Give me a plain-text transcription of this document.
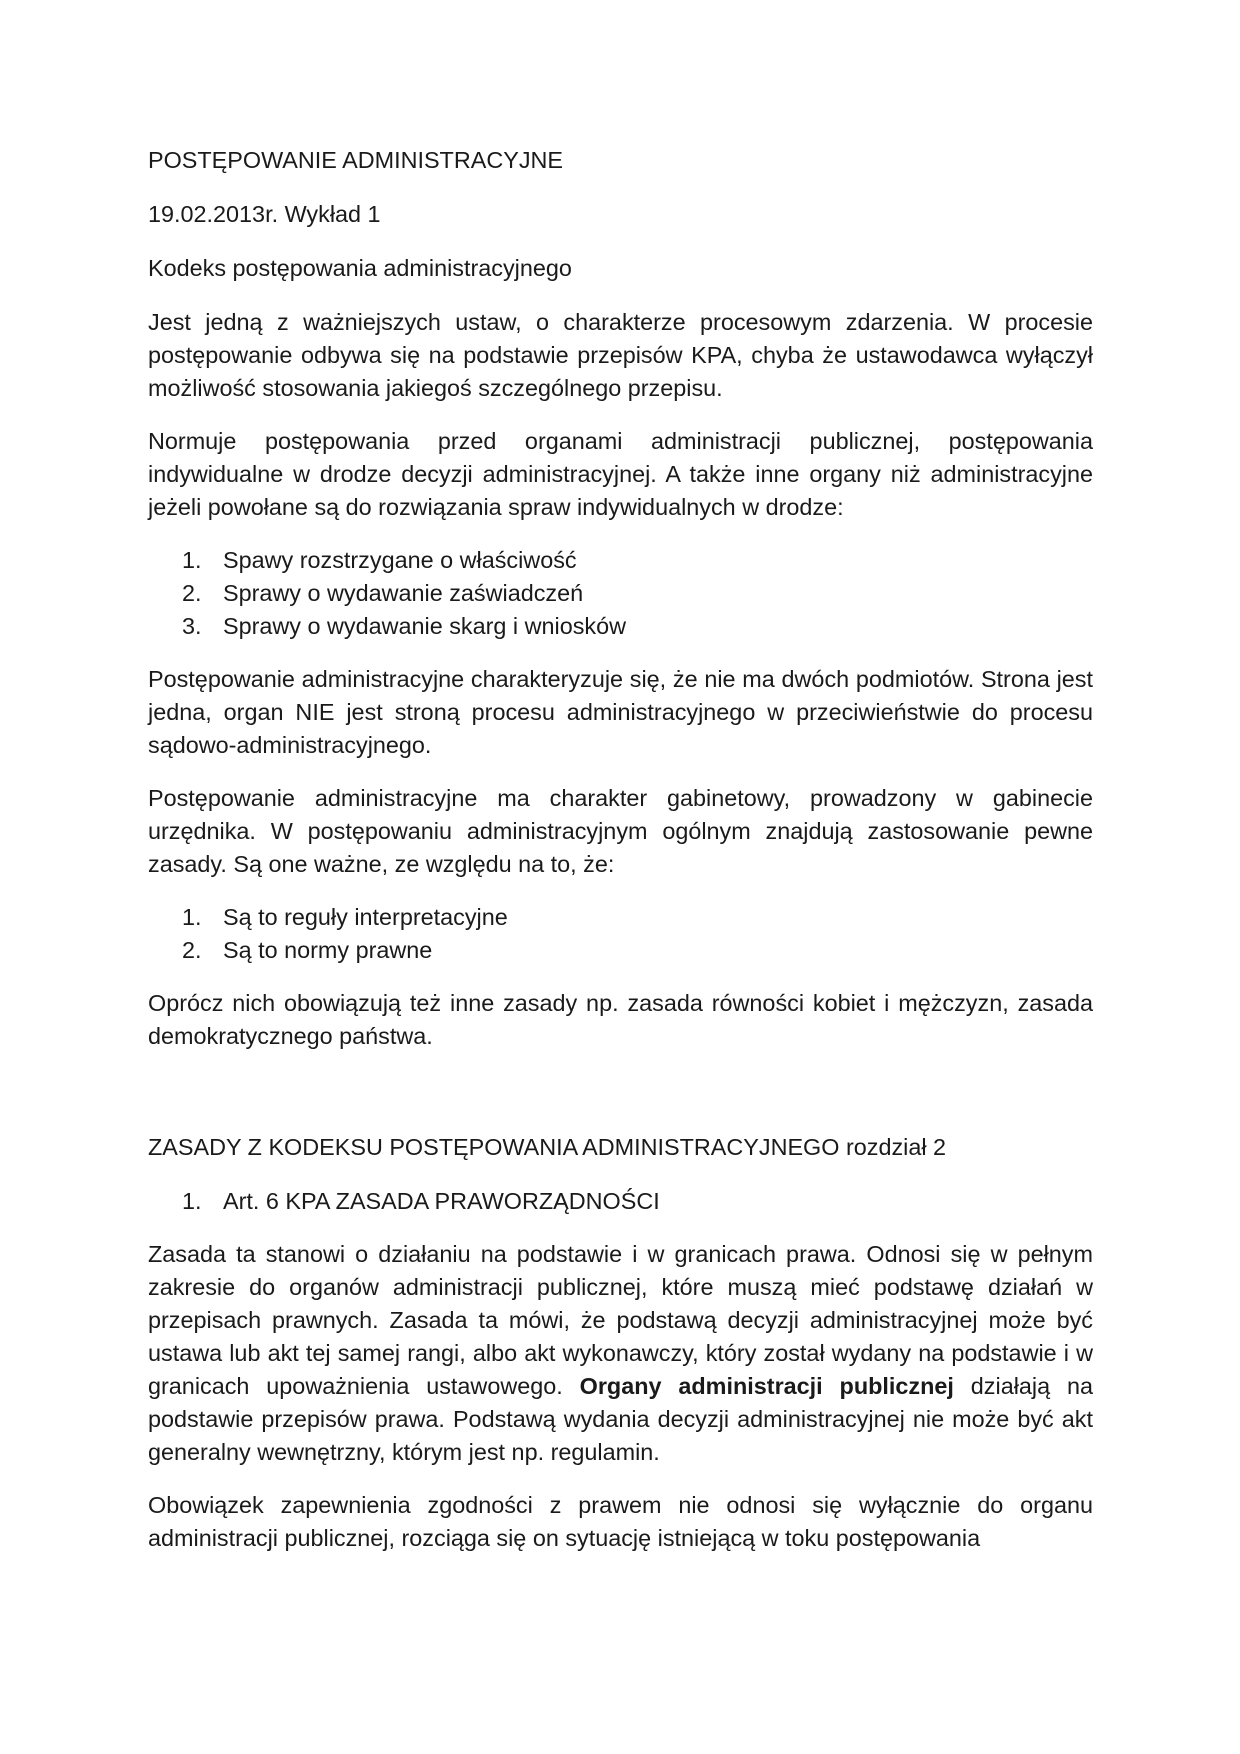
POSTĘPOWANIE ADMINISTRACYJNE
19.02.2013r. Wykład 1
Kodeks postępowania administracyjnego

Jest jedną z ważniejszych ustaw, o charakterze procesowym zdarzenia. W procesie postępowanie odbywa się na podstawie przepisów KPA, chyba że ustawodawca wyłączył możliwość stosowania jakiegoś szczególnego przepisu.

Normuje postępowania przed organami administracji publicznej, postępowania indywidualne w drodze decyzji administracyjnej. A także inne organy niż administracyjne jeżeli powołane są do rozwiązania spraw indywidualnych w drodze:

1. Spawy rozstrzygane o właściwość
2. Sprawy o wydawanie zaświadczeń
3. Sprawy o wydawanie skarg i wniosków

Postępowanie administracyjne charakteryzuje się, że nie ma dwóch podmiotów. Strona jest jedna, organ NIE jest stroną procesu administracyjnego w przeciwieństwie do procesu sądowo-administracyjnego.

Postępowanie administracyjne ma charakter gabinetowy, prowadzony w gabinecie urzędnika. W postępowaniu administracyjnym ogólnym znajdują zastosowanie pewne zasady. Są one ważne, ze względu na to, że:

1. Są to reguły interpretacyjne
2. Są to normy prawne

Oprócz nich obowiązują też inne zasady np. zasada równości kobiet i mężczyzn, zasada demokratycznego państwa.

ZASADY Z KODEKSU POSTĘPOWANIA ADMINISTRACYJNEGO rozdział 2
1. Art. 6 KPA ZASADA PRAWORZĄDNOŚCI

Zasada ta stanowi o działaniu na podstawie i w granicach prawa. Odnosi się w pełnym zakresie do organów administracji publicznej, które muszą mieć podstawę działań w przepisach prawnych. Zasada ta mówi, że podstawą decyzji administracyjnej może być ustawa lub akt tej samej rangi, albo akt wykonawczy, który został wydany na podstawie i w granicach upoważnienia ustawowego. Organy administracji publicznej działają na podstawie przepisów prawa. Podstawą wydania decyzji administracyjnej nie może być akt generalny wewnętrzny, którym jest np. regulamin.

Obowiązek zapewnienia zgodności z prawem nie odnosi się wyłącznie do organu administracji publicznej, rozciąga się on sytuację istniejącą w toku postępowania
